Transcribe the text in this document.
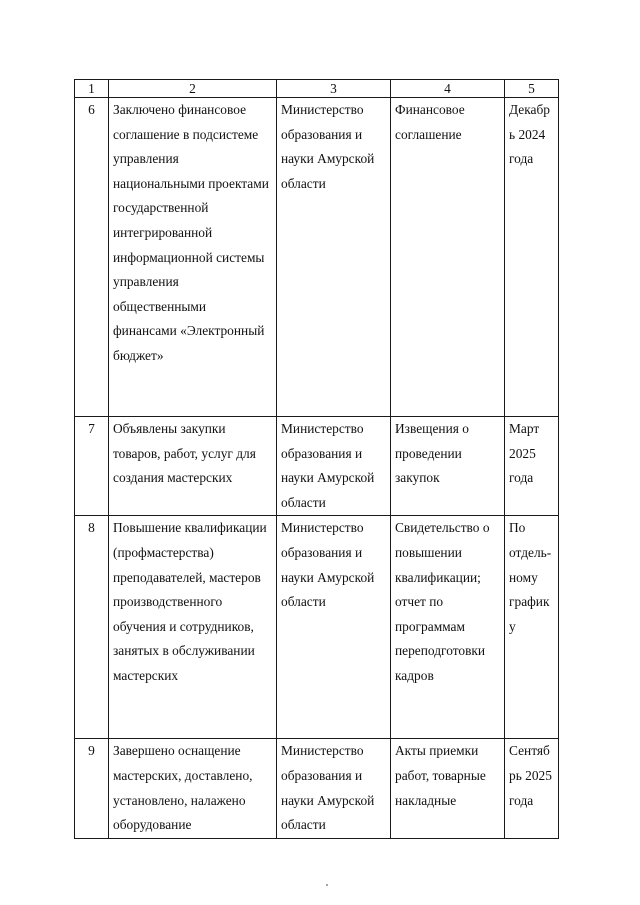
1	2	3	4	5
6	Заключено финансовое соглашение в подсистеме управления национальными проектами государственной интегрированной информационной системы управления общественными финансами «Электронный бюджет»	Министерство образования и науки Амурской области	Финансовое соглашение	Декабрь 2024 года
7	Объявлены закупки товаров, работ, услуг для создания мастерских	Министерство образования и науки Амурской области	Извещения о проведении закупок	Март 2025 года
8	Повышение квалификации (профмастерства) преподавателей, мастеров производственного обучения и сотрудников, занятых в обслуживании мастерских	Министерство образования и науки Амурской области	Свидетельство о повышении квалификации; отчет по программам переподготовки кадров	По отдель-ному графику
9	Завершено оснащение мастерских, доставлено, установлено, налажено оборудование	Министерство образования и науки Амурской области	Акты приемки работ, товарные накладные	Сентябрь 2025 года
